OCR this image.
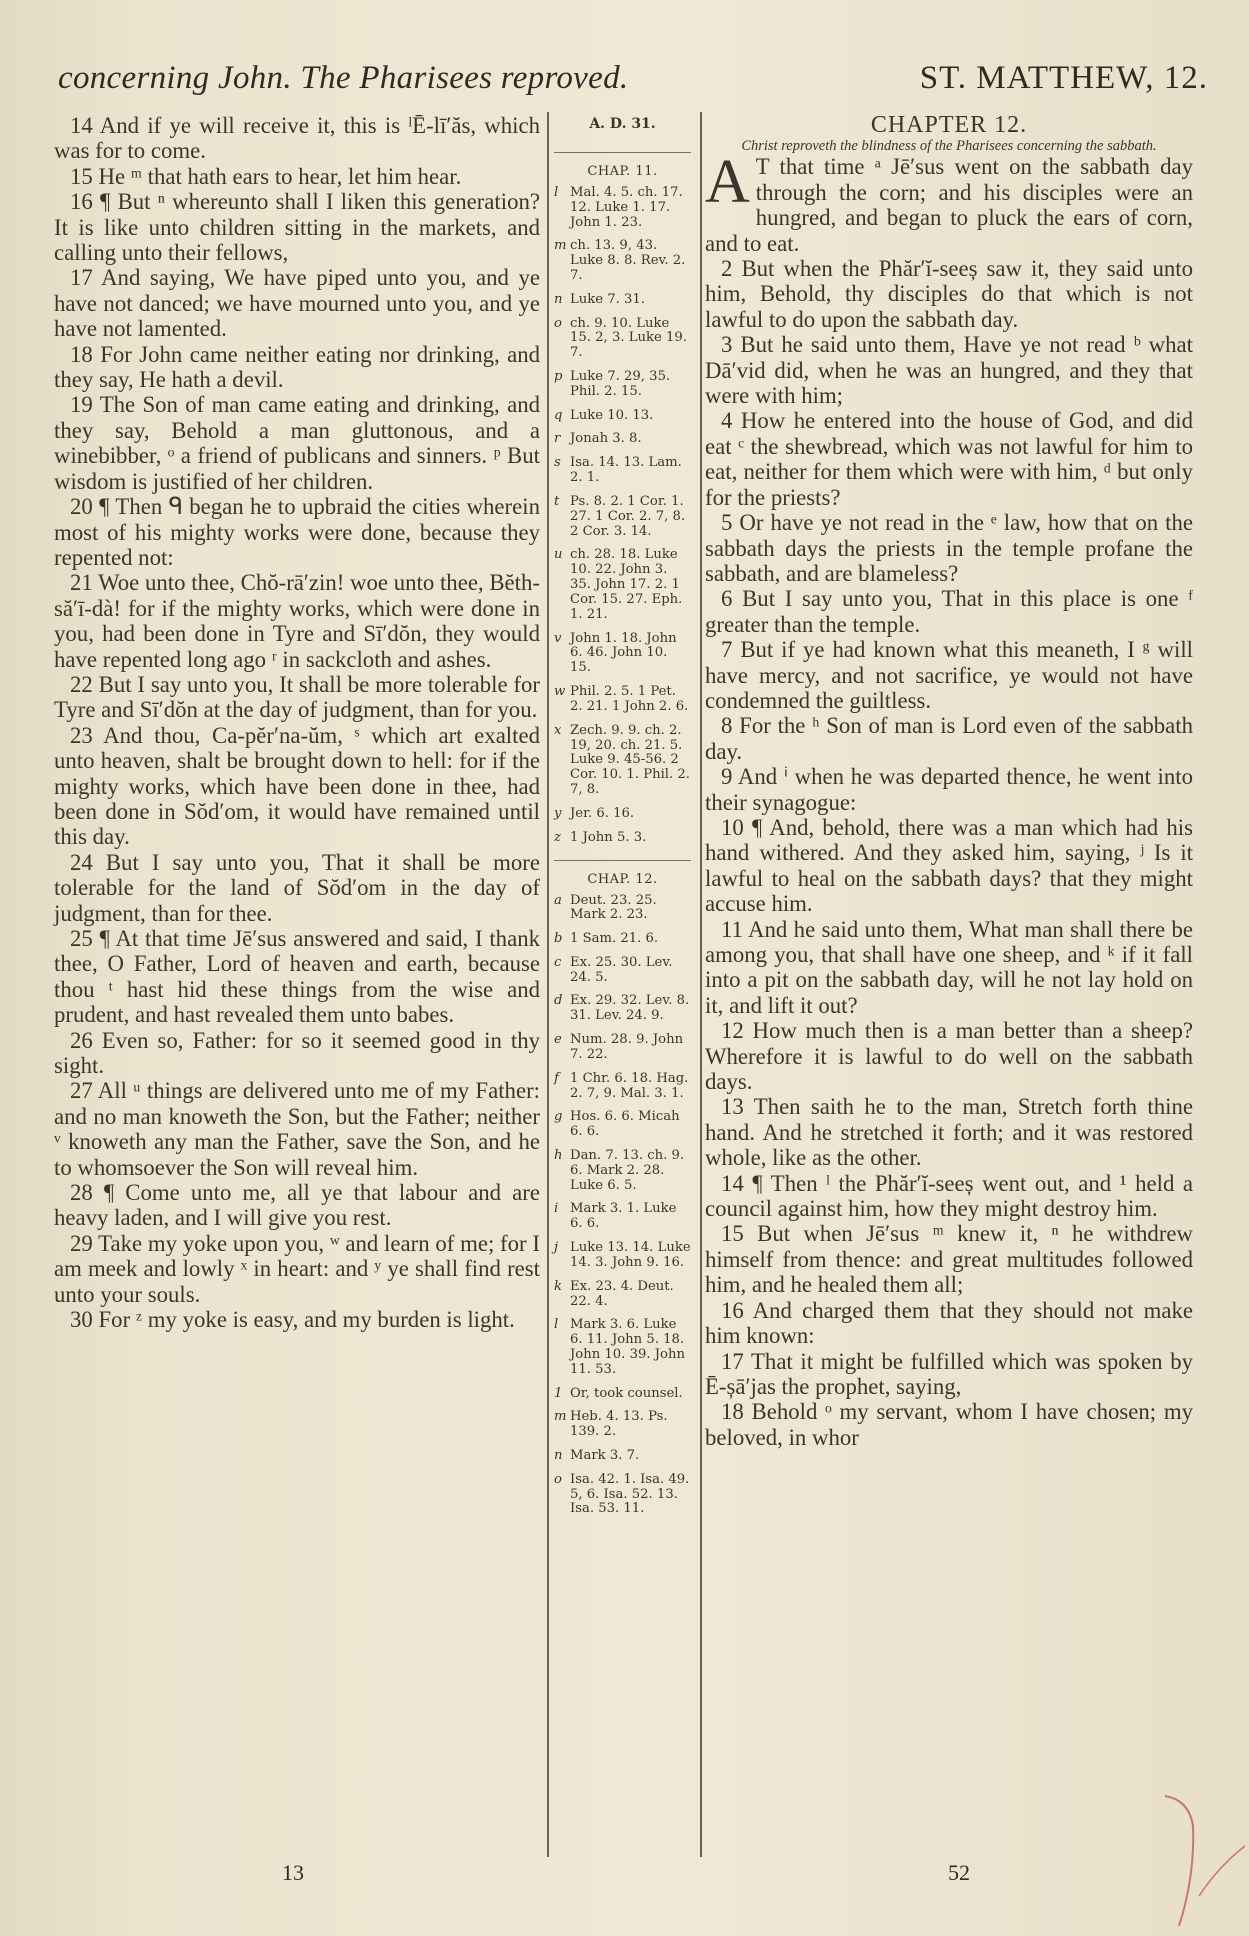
concerning John. The Pharisees reproved.	ST. MATTHEW, 12.

14 And if ye will receive it, this is ˡĒ-lī′ăs, which was for to come.

15 He ᵐ that hath ears to hear, let him hear.

16 ¶ But ⁿ whereunto shall I liken this generation? It is like unto children sitting in the markets, and calling unto their fellows,

17 And saying, We have piped unto you, and ye have not danced; we have mourned unto you, and ye have not lamented.

18 For John came neither eating nor drinking, and they say, He hath a devil.

19 The Son of man came eating and drinking, and they say, Behold a man gluttonous, and a winebibber, ᵒ a friend of publicans and sinners. ᵖ But wisdom is justified of her children.

20 ¶ Then ᑫ began he to upbraid the cities wherein most of his mighty works were done, because they repented not:

21 Woe unto thee, Chŏ-rā′zin! woe unto thee, Bĕth-să′ī-dà! for if the mighty works, which were done in you, had been done in Tyre and Sī′dŏn, they would have repented long ago ʳ in sackcloth and ashes.

22 But I say unto you, It shall be more tolerable for Tyre and Sī′dŏn at the day of judgment, than for you.

23 And thou, Ca-pĕr′na-ŭm, ˢ which art exalted unto heaven, shalt be brought down to hell: for if the mighty works, which have been done in thee, had been done in Sŏd′om, it would have remained until this day.

24 But I say unto you, That it shall be more tolerable for the land of Sŏd′om in the day of judgment, than for thee.

25 ¶ At that time Jē′sus answered and said, I thank thee, O Father, Lord of heaven and earth, because thou ᵗ hast hid these things from the wise and prudent, and hast revealed them unto babes.

26 Even so, Father: for so it seemed good in thy sight.

27 All ᵘ things are delivered unto me of my Father: and no man knoweth the Son, but the Father; neither ᵛ knoweth any man the Father, save the Son, and he to whomsoever the Son will reveal him.

28 ¶ Come unto me, all ye that labour and are heavy laden, and I will give you rest.

29 Take my yoke upon you, ʷ and learn of me; for I am meek and lowly ˣ in heart: and ʸ ye shall find rest unto your souls.

30 For ᶻ my yoke is easy, and my burden is light.

A. D. 31.
CHAP. 11.
l Mal. 4. 5. ch. 17. 12. Luke 1. 17. John 1. 23.
m ch. 13. 9, 43. Luke 8. 8. Rev. 2. 7.
n Luke 7. 31.
o ch. 9. 10. Luke 15. 2, 3. Luke 19. 7.
p Luke 7. 29, 35. Phil. 2. 15.
q Luke 10. 13.
r Jonah 3. 8.
s Isa. 14. 13. Lam. 2. 1.
t Ps. 8. 2. 1 Cor. 1. 27. 1 Cor. 2. 7, 8. 2 Cor. 3. 14.
u ch. 28. 18. Luke 10. 22. John 3. 35. John 17. 2. 1 Cor. 15. 27. Eph. 1. 21.
v John 1. 18. John 6. 46. John 10. 15.
w Phil. 2. 5. 1 Pet. 2. 21. 1 John 2. 6.
x Zech. 9. 9. ch. 2. 19, 20. ch. 21. 5. Luke 9. 45-56. 2 Cor. 10. 1. Phil. 2. 7, 8.
y Jer. 6. 16.
z 1 John 5. 3.
CHAP. 12.
a Deut. 23. 25. Mark 2. 23.
b 1 Sam. 21. 6.
c Ex. 25. 30. Lev. 24. 5.
d Ex. 29. 32. Lev. 8. 31. Lev. 24. 9.
e Num. 28. 9. John 7. 22.
f 1 Chr. 6. 18. Hag. 2. 7, 9. Mal. 3. 1.
g Hos. 6. 6. Micah 6. 6.
h Dan. 7. 13. ch. 9. 6. Mark 2. 28. Luke 6. 5.
i Mark 3. 1. Luke 6. 6.
j Luke 13. 14. Luke 14. 3. John 9. 16.
k Ex. 23. 4. Deut. 22. 4.
l Mark 3. 6. Luke 6. 11. John 5. 18. John 10. 39. John 11. 53.
1 Or, took counsel.
m Heb. 4. 13. Ps. 139. 2.
n Mark 3. 7.
o Isa. 42. 1. Isa. 49. 5, 6. Isa. 52. 13. Isa. 53. 11.

CHAPTER 12.

Christ reproveth the blindness of the Pharisees concerning the sabbath.

A T that time ᵃ Jē′sus went on the sabbath day through the corn; and his disciples were an hungred, and began to pluck the ears of corn, and to eat.

2 But when the Phăr′ĭ-seeș saw it, they said unto him, Behold, thy disciples do that which is not lawful to do upon the sabbath day.

3 But he said unto them, Have ye not read ᵇ what Dā′vid did, when he was an hungred, and they that were with him;

4 How he entered into the house of God, and did eat ᶜ the shewbread, which was not lawful for him to eat, neither for them which were with him, ᵈ but only for the priests?

5 Or have ye not read in the ᵉ law, how that on the sabbath days the priests in the temple profane the sabbath, and are blameless?

6 But I say unto you, That in this place is one ᶠ greater than the temple.

7 But if ye had known what this meaneth, I ᵍ will have mercy, and not sacrifice, ye would not have condemned the guiltless.

8 For the ʰ Son of man is Lord even of the sabbath day.

9 And ⁱ when he was departed thence, he went into their synagogue:

10 ¶ And, behold, there was a man which had his hand withered. And they asked him, saying, ʲ Is it lawful to heal on the sabbath days? that they might accuse him.

11 And he said unto them, What man shall there be among you, that shall have one sheep, and ᵏ if it fall into a pit on the sabbath day, will he not lay hold on it, and lift it out?

12 How much then is a man better than a sheep? Wherefore it is lawful to do well on the sabbath days.

13 Then saith he to the man, Stretch forth thine hand. And he stretched it forth; and it was restored whole, like as the other.

14 ¶ Then ˡ the Phăr′ĭ-seeș went out, and ¹ held a council against him, how they might destroy him.

15 But when Jē′sus ᵐ knew it, ⁿ he withdrew himself from thence: and great multitudes followed him, and he healed them all;

16 And charged them that they should not make him known:

17 That it might be fulfilled which was spoken by Ē-șā′jas the prophet, saying,

18 Behold ᵒ my servant, whom I have chosen; my beloved, in whor

13	52
